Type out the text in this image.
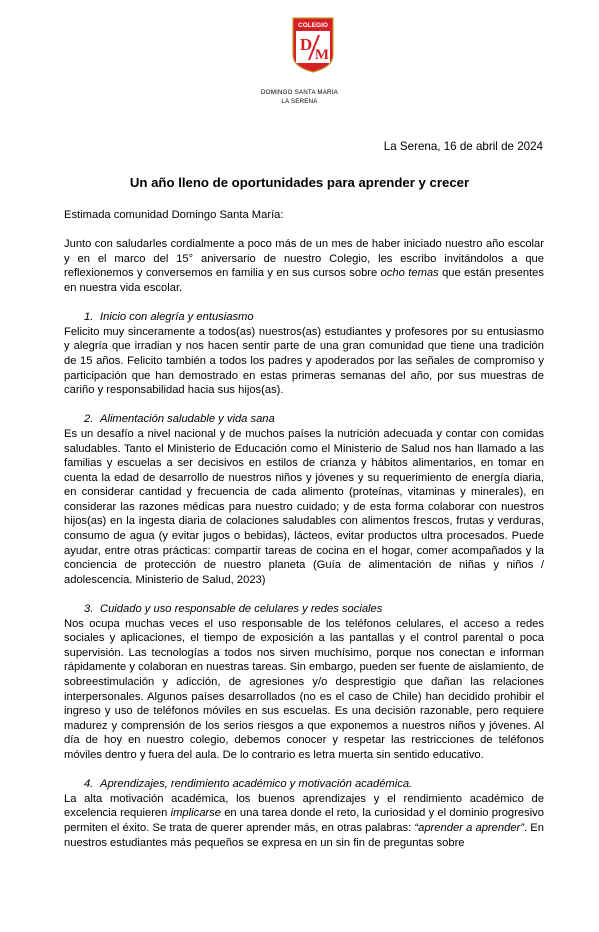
COLEGIO
D
M
DOMINGO SANTA MARIA
LA SERENA
La Serena, 16 de abril de 2024
Un año lleno de oportunidades para aprender y crecer

Estimada comunidad Domingo Santa María:

Junto con saludarles cordialmente a poco más de un mes de haber iniciado nuestro año escolar y en el marco del 15° aniversario de nuestro Colegio, les escribo invitándolos a que reflexionemos y conversemos en familia y en sus cursos sobre ocho temas que están presentes en nuestra vida escolar.

1. Inicio con alegría y entusiasmo

Felicito muy sinceramente a todos(as) nuestros(as) estudiantes y profesores por su entusiasmo y alegría que irradian y nos hacen sentir parte de una gran comunidad que tiene una tradición de 15 años. Felicito también a todos los padres y apoderados por las señales de compromiso y participación que han demostrado en estas primeras semanas del año, por sus muestras de cariño y responsabilidad hacia sus hijos(as).

2. Alimentación saludable y vida sana

Es un desafío a nivel nacional y de muchos países la nutrición adecuada y contar con comidas saludables. Tanto el Ministerio de Educación como el Ministerio de Salud nos han llamado a las familias y escuelas a ser decisivos en estilos de crianza y hábitos alimentarios, en tomar en cuenta la edad de desarrollo de nuestros niños y jóvenes y su requerimiento de energía diaria, en considerar cantidad y frecuencia de cada alimento (proteínas, vitaminas y minerales), en considerar las razones médicas para nuestro cuidado; y de esta forma colaborar con nuestros hijos(as) en la ingesta diaria de colaciones saludables con alimentos frescos, frutas y verduras, consumo de agua (y evitar jugos o bebidas), lácteos, evitar productos ultra procesados. Puede ayudar, entre otras prácticas: compartir tareas de cocina en el hogar, comer acompañados y la conciencia de protección de nuestro planeta (Guía de alimentación de niñas y niños / adolescencia. Ministerio de Salud, 2023)

3. Cuidado y uso responsable de celulares y redes sociales

Nos ocupa muchas veces el uso responsable de los teléfonos celulares, el acceso a redes sociales y aplicaciones, el tiempo de exposición a las pantallas y el control parental o poca supervisión. Las tecnologías a todos nos sirven muchísimo, porque nos conectan e informan rápidamente y colaboran en nuestras tareas. Sin embargo, pueden ser fuente de aislamiento, de sobreestimulación y adicción, de agresiones y/o desprestigio que dañan las relaciones interpersonales. Algunos países desarrollados (no es el caso de Chile) han decidido prohibir el ingreso y uso de teléfonos móviles en sus escuelas. Es una decisión razonable, pero requiere madurez y comprensión de los serios riesgos a que exponemos a nuestros niños y jóvenes. Al día de hoy en nuestro colegio, debemos conocer y respetar las restricciones de teléfonos móviles dentro y fuera del aula. De lo contrario es letra muerta sin sentido educativo.

4. Aprendizajes, rendimiento académico y motivación académica.

La alta motivación académica, los buenos aprendizajes y el rendimiento académico de excelencia requieren implicarse en una tarea donde el reto, la curiosidad y el dominio progresivo permiten el éxito. Se trata de querer aprender más, en otras palabras: “aprender a aprender”. En nuestros estudiantes más pequeños se expresa en un sin fin de preguntas sobre
